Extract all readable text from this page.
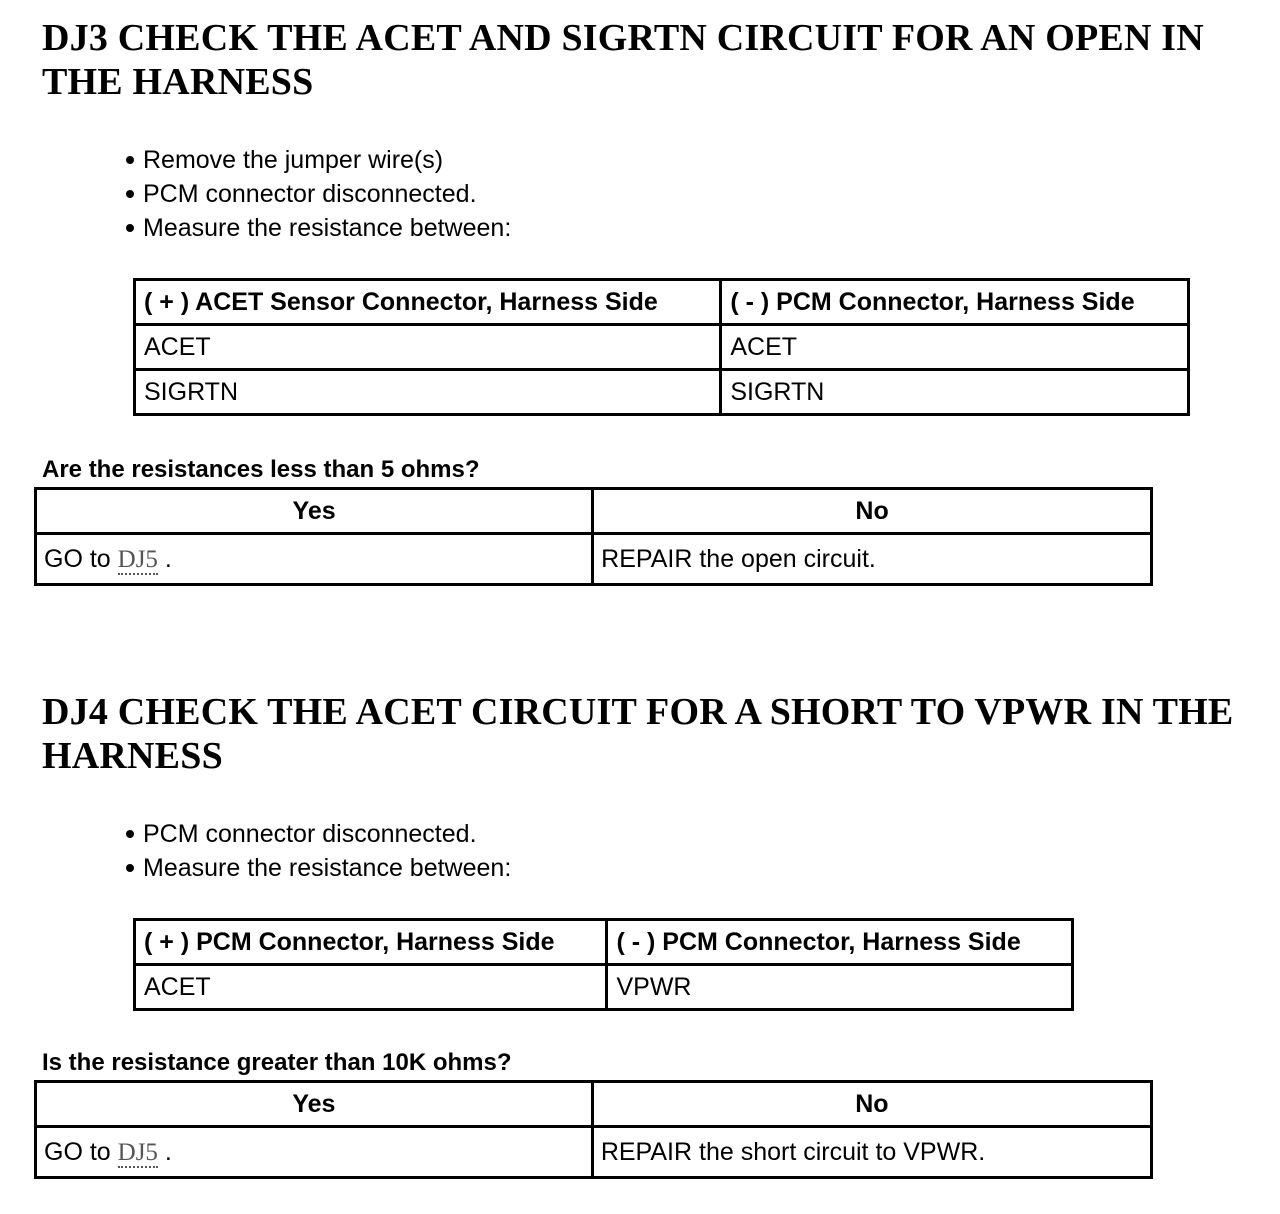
DJ3 CHECK THE ACET AND SIGRTN CIRCUIT FOR AN OPEN IN THE HARNESS
Remove the jumper wire(s)
PCM connector disconnected.
Measure the resistance between:
( + ) ACET Sensor Connector, Harness Side	( - ) PCM Connector, Harness Side
ACET	ACET
SIGRTN	SIGRTN

Are the resistances less than 5 ohms?

Yes	No
GO to DJ5 .	REPAIR the open circuit.
DJ4 CHECK THE ACET CIRCUIT FOR A SHORT TO VPWR IN THE HARNESS
PCM connector disconnected.
Measure the resistance between:
( + ) PCM Connector, Harness Side	( - ) PCM Connector, Harness Side
ACET	VPWR

Is the resistance greater than 10K ohms?

Yes	No
GO to DJ5 .	REPAIR the short circuit to VPWR.
